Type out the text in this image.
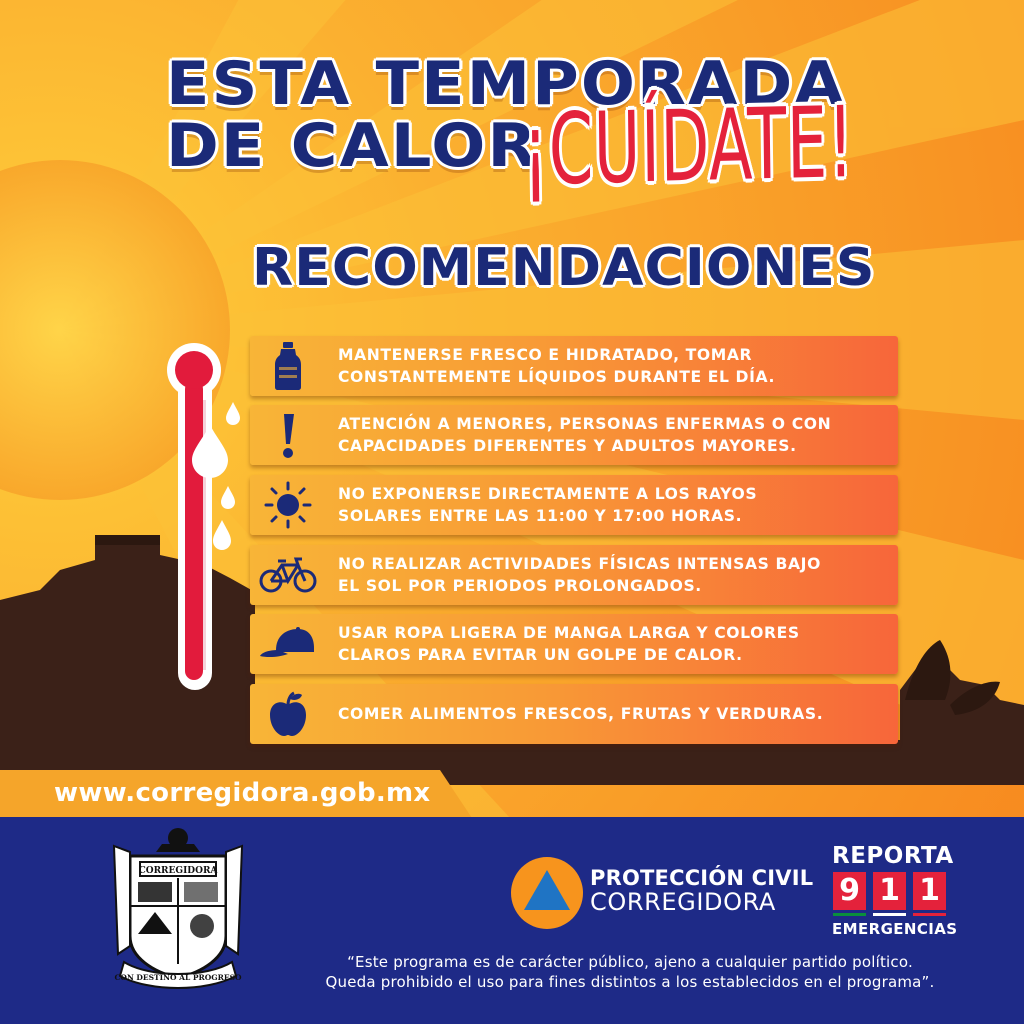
ESTA TEMPORADA
DE CALOR
¡CUÍDATE!
RECOMENDACIONES
MANTENERSE FRESCO E HIDRATADO, TOMAR
CONSTANTEMENTE LÍQUIDOS DURANTE EL DÍA.
ATENCIÓN A MENORES, PERSONAS ENFERMAS O CON
CAPACIDADES DIFERENTES Y ADULTOS MAYORES.
NO EXPONERSE DIRECTAMENTE A LOS RAYOS
SOLARES ENTRE LAS 11:00 Y 17:00 HORAS.
NO REALIZAR ACTIVIDADES FÍSICAS INTENSAS BAJO
EL SOL POR PERIODOS PROLONGADOS.
USAR ROPA LIGERA DE MANGA LARGA Y COLORES
CLAROS PARA EVITAR UN GOLPE DE CALOR.
COMER ALIMENTOS FRESCOS, FRUTAS Y VERDURAS.
www.corregidora.gob.mx
CORREGIDORA
CON DESTINO AL PROGRESO
PROTECCIÓN CIVIL
CORREGIDORA
REPORTA
9 1 1
EMERGENCIAS
“Este programa es de carácter público, ajeno a cualquier partido político.
Queda prohibido el uso para fines distintos a los establecidos en el programa”.
